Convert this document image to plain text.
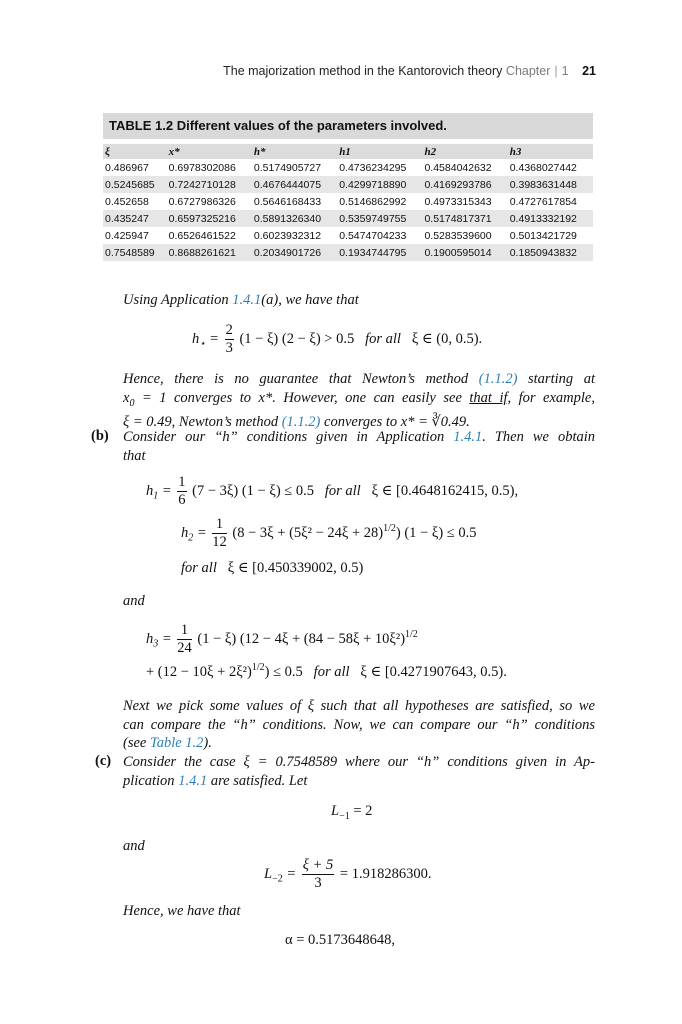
The majorization method in the Kantorovich theory Chapter | 1 21
TABLE 1.2 Different values of the parameters involved.
ξ	x*	h*	h1	h2	h3
0.486967	0.6978302086	0.5174905727	0.4736234295	0.4584042632	0.4368027442
0.5245685	0.7242710128	0.4676444075	0.4299718890	0.4169293786	0.3983631448
0.452658	0.6727986326	0.5646168433	0.5146862992	0.4973315343	0.4727617854
0.435247	0.6597325216	0.5891326340	0.5359749755	0.5174817371	0.4913332192
0.425947	0.6526461522	0.6023932312	0.5474704233	0.5283539600	0.5013421729
0.7548589	0.8688261621	0.2034901726	0.1934744795	0.1900595014	0.1850943832
Using Application 1.4.1(a), we have that
$h_⋆ = \frac{2}{3} (1 - \xi) (2 - \xi) > 0.5$ for all ξ ∈ (0, 0.5).
Hence, there is no guarantee that Newton’s method (1.1.2) starting at
$x_0 = 1$ converges to x*. However, one can easily see that if, for example,
ξ = 0.49, Newton’s method (1.1.2) converges to x* = ∛0.49.
(b) Consider our “h” conditions given in Application 1.4.1. Then we obtain
that
$h_1 = \frac{1}{6} (7 - 3\xi) (1 - \xi) \le 0.5$ for all ξ ∈ [0.4648162415, 0.5),
$h_2 = \frac{1}{12} (8 - 3\xi + (5\xi^2 - 24\xi + 28)^{1/2}) (1 - \xi) \le 0.5$
for all ξ ∈ [0.450339002, 0.5)
and
$h_3 = \frac{1}{24} (1 - \xi) (12 - 4\xi + (84 - 58\xi + 10\xi^2)^{1/2}$
+ $(12 - 10\xi + 2\xi^2)^{1/2}) \le 0.5$ for all ξ ∈ [0.4271907643, 0.5).
Next we pick some values of ξ such that all hypotheses are satisfied, so we
can compare the “h” conditions. Now, we can compare our “h” conditions
(see Table 1.2).
(c) Consider the case ξ = 0.7548589 where our “h” conditions given in Ap-
plication 1.4.1 are satisfied. Let
$L_{-1} = 2$
and
$L_{-2} = \frac{\xi + 5}{3} = 1.918286300$.
Hence, we have that
α = 0.5173648648,
